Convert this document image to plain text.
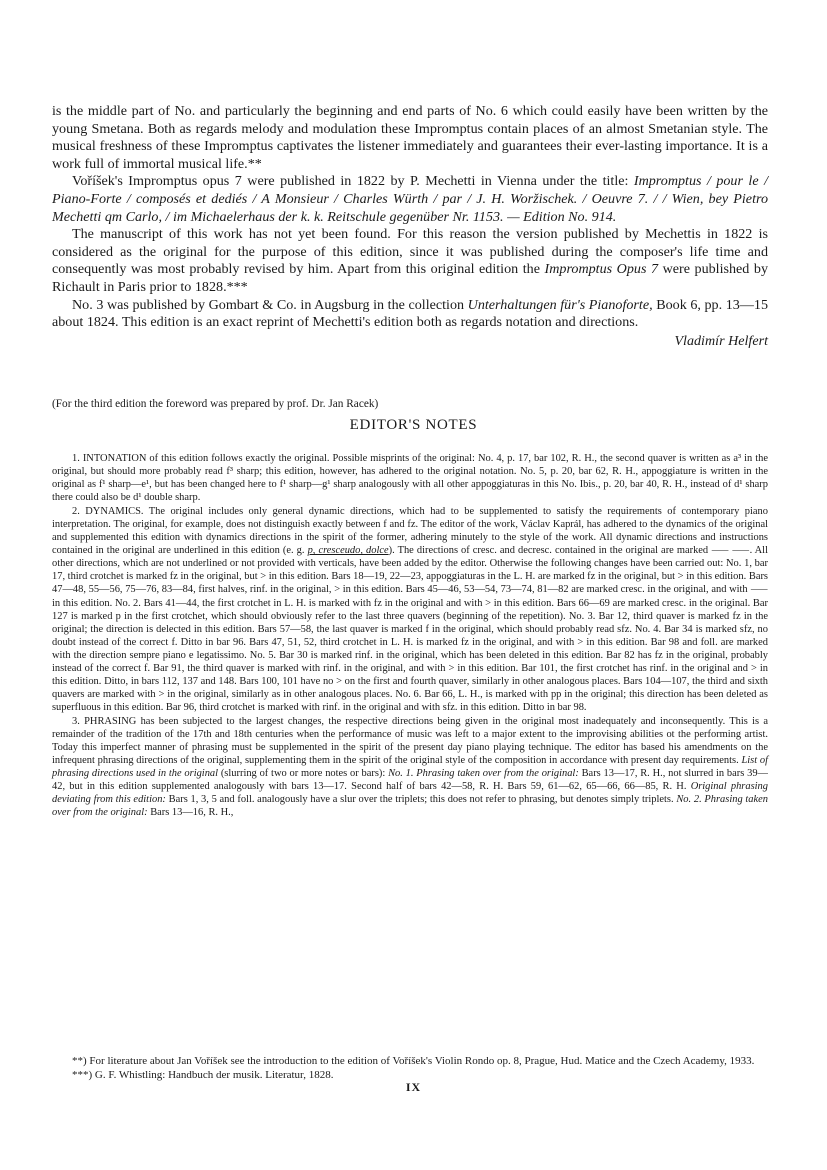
is the middle part of No. and particularly the beginning and end parts of No. 6 which could easily have been written by the young Smetana. Both as regards melody and modulation these Impromptus contain places of an almost Smetanian style. The musical freshness of these Impromptus captivates the listener immediately and guarantees their ever-lasting importance. It is a work full of immortal musical life.**

Voříšek's Impromptus opus 7 were published in 1822 by P. Mechetti in Vienna under the title: Impromptus / pour le / Piano-Forte / composés et dediés / A Monsieur / Charles Würth / par / J. H. Woržischek. / Oeuvre 7. / / Wien, bey Pietro Mechetti qm Carlo, / im Michaelerhaus der k. k. Reitschule gegenüber Nr. 1153. — Edition No. 914.

The manuscript of this work has not yet been found. For this reason the version published by Mechettis in 1822 is considered as the original for the purpose of this edition, since it was published during the composer's life time and consequently was most probably revised by him. Apart from this original edition the Impromptus Opus 7 were published by Richault in Paris prior to 1828.***

No. 3 was published by Gombart & Co. in Augsburg in the collection Unterhaltungen für's Pianoforte, Book 6, pp. 13—15 about 1824. This edition is an exact reprint of Mechetti's edition both as regards notation and directions.

Vladimír Helfert

(For the third edition the foreword was prepared by prof. Dr. Jan Racek)
EDITOR'S NOTES

1. INTONATION of this edition follows exactly the original. Possible misprints of the original: No. 4, p. 17, bar 102, R. H., the second quaver is written as a³ in the original, but should more probably read f³ sharp; this edition, however, has adhered to the original notation. No. 5, p. 20, bar 62, R. H., appoggiature is written in the original as f¹ sharp—e¹, but has been changed here to f¹ sharp—g¹ sharp analogously with all other appoggiaturas in this No. Ibis., p. 20, bar 40, R. H., instead of d¹ sharp there could also be d¹ double sharp.

2. DYNAMICS. The original includes only general dynamic directions, which had to be supplemented to satisfy the requirements of contemporary piano interpretation. The original, for example, does not distinguish exactly between f and fz. The editor of the work, Václav Kaprál, has adhered to the dynamics of the original and supplemented this edition with dynamics directions in the spirit of the former, adhering minutely to the style of the work. All dynamic directions and instructions contained in the original are underlined in this edition (e. g. p, cresceudo, dolce). The directions of cresc. and decresc. contained in the original are marked ⸺ ⸺. All other directions, which are not underlined or not provided with verticals, have been added by the editor. Otherwise the following changes have been carried out: No. 1, bar 17, third crotchet is marked fz in the original, but > in this edition. Bars 18—19, 22—23, appoggiaturas in the L. H. are marked fz in the original, but > in this edition. Bars 47—48, 55—56, 75—76, 83—84, first halves, rinf. in the original, > in this edition. Bars 45—46, 53—54, 73—74, 81—82 are marked cresc. in the original, and with ⸺ in this edition. No. 2. Bars 41—44, the first crotchet in L. H. is marked with fz in the original and with > in this edition. Bars 66—69 are marked cresc. in the original. Bar 127 is marked p in the first crotchet, which should obviously refer to the last three quavers (beginning of the repetition). No. 3. Bar 12, third quaver is marked fz in the original; the direction is delected in this edition. Bars 57—58, the last quaver is marked f in the original, which should probably read sfz. No. 4. Bar 34 is marked sfz, no doubt instead of the correct f. Ditto in bar 96. Bars 47, 51, 52, third crotchet in L. H. is marked fz in the original, and with > in this edition. Bar 98 and foll. are marked with the direction sempre piano e legatissimo. No. 5. Bar 30 is marked rinf. in the original, which has been deleted in this edition. Bar 82 has fz in the original, probably instead of the correct f. Bar 91, the third quaver is marked with rinf. in the original, and with > in this edition. Bar 101, the first crotchet has rinf. in the original and > in this edition. Ditto, in bars 112, 137 and 148. Bars 100, 101 have no > on the first and fourth quaver, similarly in other analogous places. Bars 104—107, the third and sixth quavers are marked with > in the original, similarly as in other analogous places. No. 6. Bar 66, L. H., is marked with pp in the original; this direction has been deleted as superfluous in this edition. Bar 96, third crotchet is marked with rinf. in the original and with sfz. in this edition. Ditto in bar 98.

3. PHRASING has been subjected to the largest changes, the respective directions being given in the original most inadequately and inconsequently. This is a remainder of the tradition of the 17th and 18th centuries when the performance of music was left to a major extent to the improvising abilities ot the performing artist. Today this imperfect manner of phrasing must be supplemented in the spirit of the present day piano playing technique. The editor has based his amendments on the infrequent phrasing directions of the original, supplementing them in the spirit of the original style of the composition in accordance with present day requirements. List of phrasing directions used in the original (slurring of two or more notes or bars): No. 1. Phrasing taken over from the original: Bars 13—17, R. H., not slurred in bars 39—42, but in this edition supplemented analogously with bars 13—17. Second half of bars 42—58, R. H. Bars 59, 61—62, 65—66, 66—85, R. H. Original phrasing deviating from this edition: Bars 1, 3, 5 and foll. analogously have a slur over the triplets; this does not refer to phrasing, but denotes simply triplets. No. 2. Phrasing taken over from the original: Bars 13—16, R. H.,

**) For literature about Jan Voříšek see the introduction to the edition of Voříšek's Violin Rondo op. 8, Prague, Hud. Matice and the Czech Academy, 1933.

***) G. F. Whistling: Handbuch der musik. Literatur, 1828.

IX
